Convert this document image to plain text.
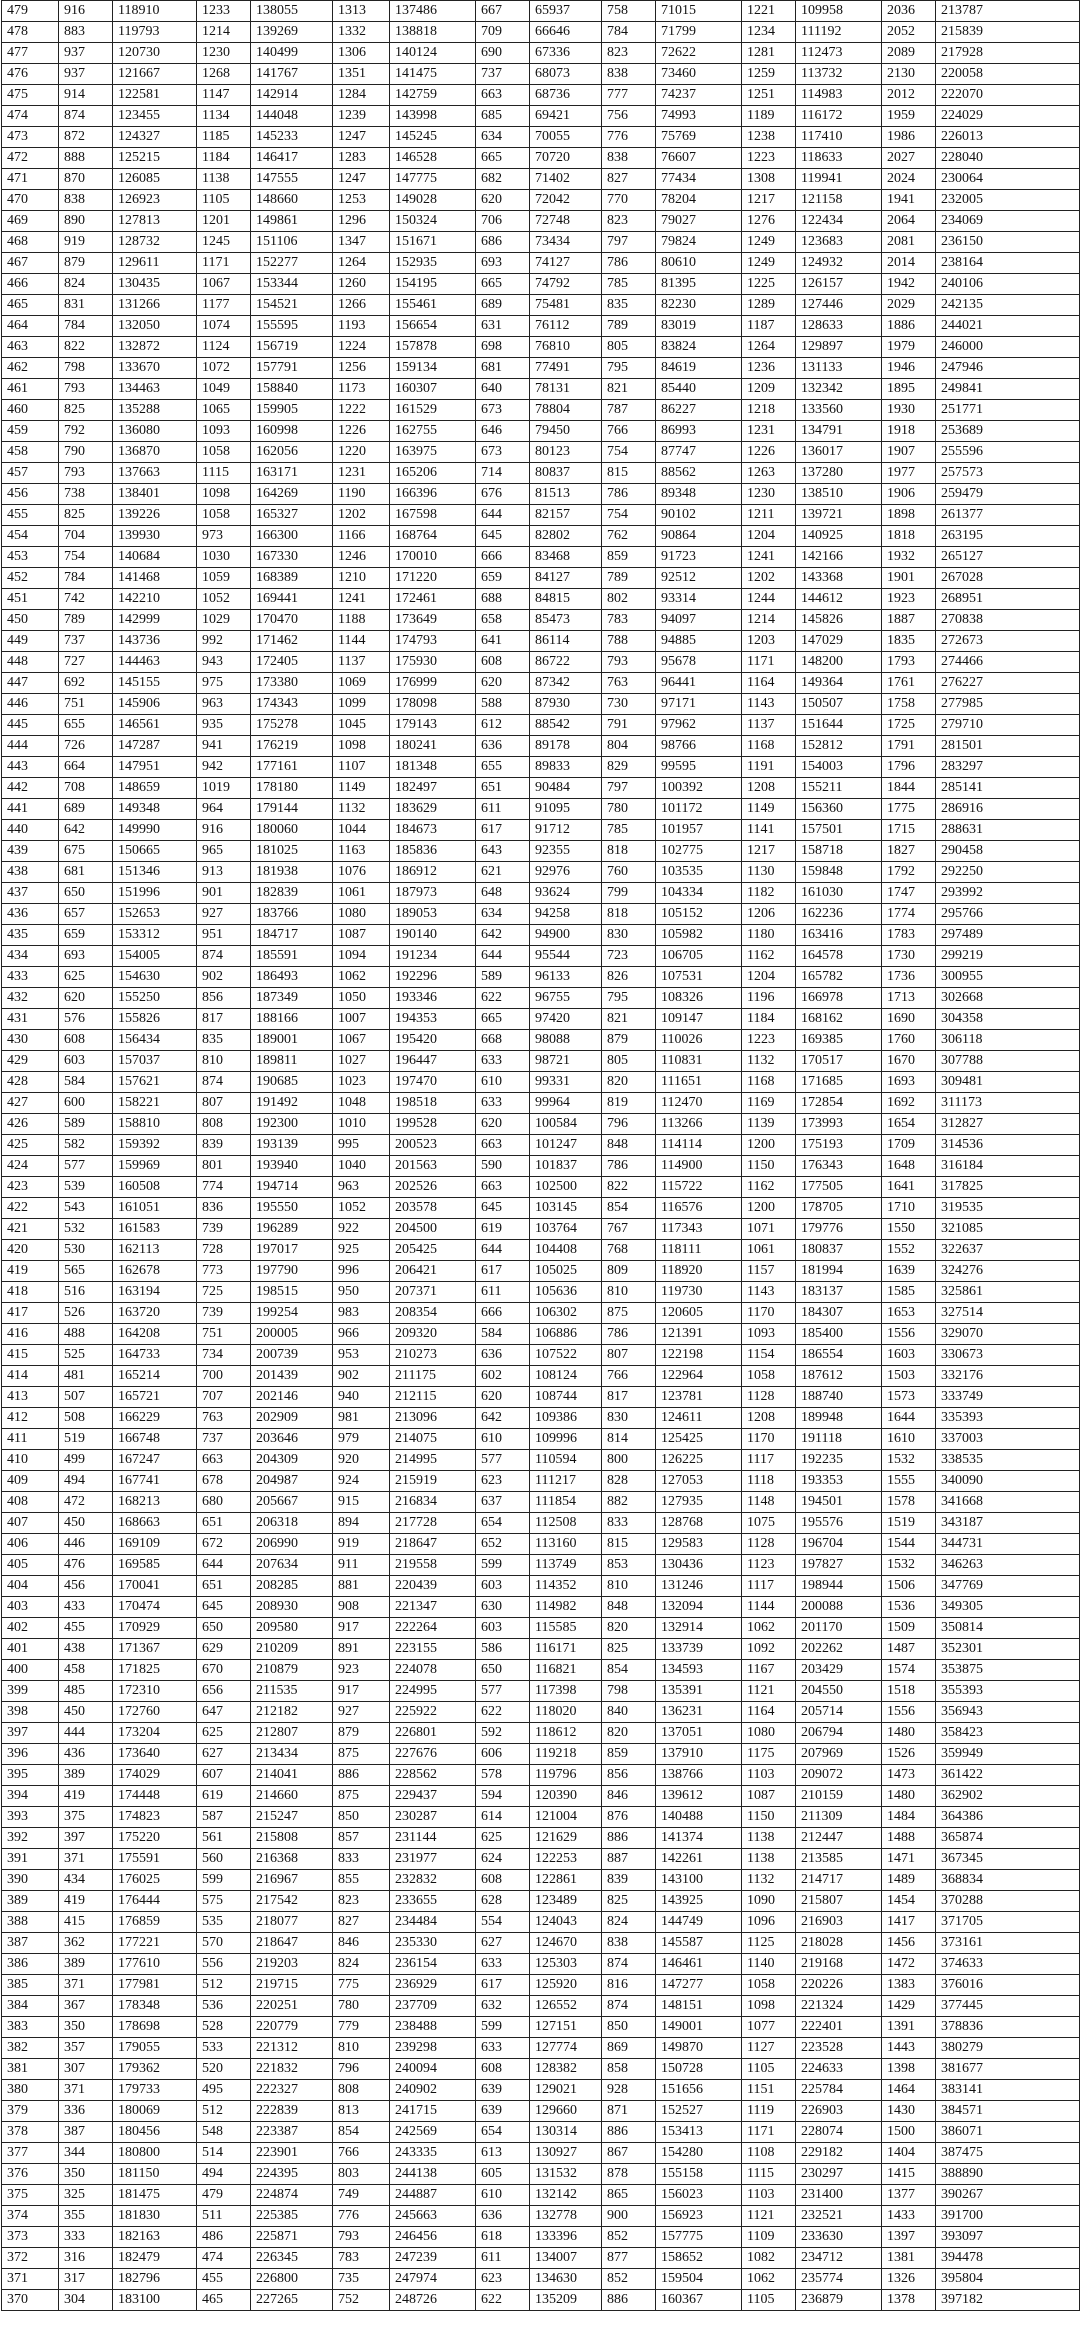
479	916	118910	1233	138055	1313	137486	667	65937	758	71015	1221	109958	2036	213787
478	883	119793	1214	139269	1332	138818	709	66646	784	71799	1234	111192	2052	215839
477	937	120730	1230	140499	1306	140124	690	67336	823	72622	1281	112473	2089	217928
476	937	121667	1268	141767	1351	141475	737	68073	838	73460	1259	113732	2130	220058
475	914	122581	1147	142914	1284	142759	663	68736	777	74237	1251	114983	2012	222070
474	874	123455	1134	144048	1239	143998	685	69421	756	74993	1189	116172	1959	224029
473	872	124327	1185	145233	1247	145245	634	70055	776	75769	1238	117410	1986	226013
472	888	125215	1184	146417	1283	146528	665	70720	838	76607	1223	118633	2027	228040
471	870	126085	1138	147555	1247	147775	682	71402	827	77434	1308	119941	2024	230064
470	838	126923	1105	148660	1253	149028	620	72042	770	78204	1217	121158	1941	232005
469	890	127813	1201	149861	1296	150324	706	72748	823	79027	1276	122434	2064	234069
468	919	128732	1245	151106	1347	151671	686	73434	797	79824	1249	123683	2081	236150
467	879	129611	1171	152277	1264	152935	693	74127	786	80610	1249	124932	2014	238164
466	824	130435	1067	153344	1260	154195	665	74792	785	81395	1225	126157	1942	240106
465	831	131266	1177	154521	1266	155461	689	75481	835	82230	1289	127446	2029	242135
464	784	132050	1074	155595	1193	156654	631	76112	789	83019	1187	128633	1886	244021
463	822	132872	1124	156719	1224	157878	698	76810	805	83824	1264	129897	1979	246000
462	798	133670	1072	157791	1256	159134	681	77491	795	84619	1236	131133	1946	247946
461	793	134463	1049	158840	1173	160307	640	78131	821	85440	1209	132342	1895	249841
460	825	135288	1065	159905	1222	161529	673	78804	787	86227	1218	133560	1930	251771
459	792	136080	1093	160998	1226	162755	646	79450	766	86993	1231	134791	1918	253689
458	790	136870	1058	162056	1220	163975	673	80123	754	87747	1226	136017	1907	255596
457	793	137663	1115	163171	1231	165206	714	80837	815	88562	1263	137280	1977	257573
456	738	138401	1098	164269	1190	166396	676	81513	786	89348	1230	138510	1906	259479
455	825	139226	1058	165327	1202	167598	644	82157	754	90102	1211	139721	1898	261377
454	704	139930	973	166300	1166	168764	645	82802	762	90864	1204	140925	1818	263195
453	754	140684	1030	167330	1246	170010	666	83468	859	91723	1241	142166	1932	265127
452	784	141468	1059	168389	1210	171220	659	84127	789	92512	1202	143368	1901	267028
451	742	142210	1052	169441	1241	172461	688	84815	802	93314	1244	144612	1923	268951
450	789	142999	1029	170470	1188	173649	658	85473	783	94097	1214	145826	1887	270838
449	737	143736	992	171462	1144	174793	641	86114	788	94885	1203	147029	1835	272673
448	727	144463	943	172405	1137	175930	608	86722	793	95678	1171	148200	1793	274466
447	692	145155	975	173380	1069	176999	620	87342	763	96441	1164	149364	1761	276227
446	751	145906	963	174343	1099	178098	588	87930	730	97171	1143	150507	1758	277985
445	655	146561	935	175278	1045	179143	612	88542	791	97962	1137	151644	1725	279710
444	726	147287	941	176219	1098	180241	636	89178	804	98766	1168	152812	1791	281501
443	664	147951	942	177161	1107	181348	655	89833	829	99595	1191	154003	1796	283297
442	708	148659	1019	178180	1149	182497	651	90484	797	100392	1208	155211	1844	285141
441	689	149348	964	179144	1132	183629	611	91095	780	101172	1149	156360	1775	286916
440	642	149990	916	180060	1044	184673	617	91712	785	101957	1141	157501	1715	288631
439	675	150665	965	181025	1163	185836	643	92355	818	102775	1217	158718	1827	290458
438	681	151346	913	181938	1076	186912	621	92976	760	103535	1130	159848	1792	292250
437	650	151996	901	182839	1061	187973	648	93624	799	104334	1182	161030	1747	293992
436	657	152653	927	183766	1080	189053	634	94258	818	105152	1206	162236	1774	295766
435	659	153312	951	184717	1087	190140	642	94900	830	105982	1180	163416	1783	297489
434	693	154005	874	185591	1094	191234	644	95544	723	106705	1162	164578	1730	299219
433	625	154630	902	186493	1062	192296	589	96133	826	107531	1204	165782	1736	300955
432	620	155250	856	187349	1050	193346	622	96755	795	108326	1196	166978	1713	302668
431	576	155826	817	188166	1007	194353	665	97420	821	109147	1184	168162	1690	304358
430	608	156434	835	189001	1067	195420	668	98088	879	110026	1223	169385	1760	306118
429	603	157037	810	189811	1027	196447	633	98721	805	110831	1132	170517	1670	307788
428	584	157621	874	190685	1023	197470	610	99331	820	111651	1168	171685	1693	309481
427	600	158221	807	191492	1048	198518	633	99964	819	112470	1169	172854	1692	311173
426	589	158810	808	192300	1010	199528	620	100584	796	113266	1139	173993	1654	312827
425	582	159392	839	193139	995	200523	663	101247	848	114114	1200	175193	1709	314536
424	577	159969	801	193940	1040	201563	590	101837	786	114900	1150	176343	1648	316184
423	539	160508	774	194714	963	202526	663	102500	822	115722	1162	177505	1641	317825
422	543	161051	836	195550	1052	203578	645	103145	854	116576	1200	178705	1710	319535
421	532	161583	739	196289	922	204500	619	103764	767	117343	1071	179776	1550	321085
420	530	162113	728	197017	925	205425	644	104408	768	118111	1061	180837	1552	322637
419	565	162678	773	197790	996	206421	617	105025	809	118920	1157	181994	1639	324276
418	516	163194	725	198515	950	207371	611	105636	810	119730	1143	183137	1585	325861
417	526	163720	739	199254	983	208354	666	106302	875	120605	1170	184307	1653	327514
416	488	164208	751	200005	966	209320	584	106886	786	121391	1093	185400	1556	329070
415	525	164733	734	200739	953	210273	636	107522	807	122198	1154	186554	1603	330673
414	481	165214	700	201439	902	211175	602	108124	766	122964	1058	187612	1503	332176
413	507	165721	707	202146	940	212115	620	108744	817	123781	1128	188740	1573	333749
412	508	166229	763	202909	981	213096	642	109386	830	124611	1208	189948	1644	335393
411	519	166748	737	203646	979	214075	610	109996	814	125425	1170	191118	1610	337003
410	499	167247	663	204309	920	214995	577	110594	800	126225	1117	192235	1532	338535
409	494	167741	678	204987	924	215919	623	111217	828	127053	1118	193353	1555	340090
408	472	168213	680	205667	915	216834	637	111854	882	127935	1148	194501	1578	341668
407	450	168663	651	206318	894	217728	654	112508	833	128768	1075	195576	1519	343187
406	446	169109	672	206990	919	218647	652	113160	815	129583	1128	196704	1544	344731
405	476	169585	644	207634	911	219558	599	113749	853	130436	1123	197827	1532	346263
404	456	170041	651	208285	881	220439	603	114352	810	131246	1117	198944	1506	347769
403	433	170474	645	208930	908	221347	630	114982	848	132094	1144	200088	1536	349305
402	455	170929	650	209580	917	222264	603	115585	820	132914	1062	201170	1509	350814
401	438	171367	629	210209	891	223155	586	116171	825	133739	1092	202262	1487	352301
400	458	171825	670	210879	923	224078	650	116821	854	134593	1167	203429	1574	353875
399	485	172310	656	211535	917	224995	577	117398	798	135391	1121	204550	1518	355393
398	450	172760	647	212182	927	225922	622	118020	840	136231	1164	205714	1556	356943
397	444	173204	625	212807	879	226801	592	118612	820	137051	1080	206794	1480	358423
396	436	173640	627	213434	875	227676	606	119218	859	137910	1175	207969	1526	359949
395	389	174029	607	214041	886	228562	578	119796	856	138766	1103	209072	1473	361422
394	419	174448	619	214660	875	229437	594	120390	846	139612	1087	210159	1480	362902
393	375	174823	587	215247	850	230287	614	121004	876	140488	1150	211309	1484	364386
392	397	175220	561	215808	857	231144	625	121629	886	141374	1138	212447	1488	365874
391	371	175591	560	216368	833	231977	624	122253	887	142261	1138	213585	1471	367345
390	434	176025	599	216967	855	232832	608	122861	839	143100	1132	214717	1489	368834
389	419	176444	575	217542	823	233655	628	123489	825	143925	1090	215807	1454	370288
388	415	176859	535	218077	827	234484	554	124043	824	144749	1096	216903	1417	371705
387	362	177221	570	218647	846	235330	627	124670	838	145587	1125	218028	1456	373161
386	389	177610	556	219203	824	236154	633	125303	874	146461	1140	219168	1472	374633
385	371	177981	512	219715	775	236929	617	125920	816	147277	1058	220226	1383	376016
384	367	178348	536	220251	780	237709	632	126552	874	148151	1098	221324	1429	377445
383	350	178698	528	220779	779	238488	599	127151	850	149001	1077	222401	1391	378836
382	357	179055	533	221312	810	239298	633	127774	869	149870	1127	223528	1443	380279
381	307	179362	520	221832	796	240094	608	128382	858	150728	1105	224633	1398	381677
380	371	179733	495	222327	808	240902	639	129021	928	151656	1151	225784	1464	383141
379	336	180069	512	222839	813	241715	639	129660	871	152527	1119	226903	1430	384571
378	387	180456	548	223387	854	242569	654	130314	886	153413	1171	228074	1500	386071
377	344	180800	514	223901	766	243335	613	130927	867	154280	1108	229182	1404	387475
376	350	181150	494	224395	803	244138	605	131532	878	155158	1115	230297	1415	388890
375	325	181475	479	224874	749	244887	610	132142	865	156023	1103	231400	1377	390267
374	355	181830	511	225385	776	245663	636	132778	900	156923	1121	232521	1433	391700
373	333	182163	486	225871	793	246456	618	133396	852	157775	1109	233630	1397	393097
372	316	182479	474	226345	783	247239	611	134007	877	158652	1082	234712	1381	394478
371	317	182796	455	226800	735	247974	623	134630	852	159504	1062	235774	1326	395804
370	304	183100	465	227265	752	248726	622	135209	886	160367	1105	236879	1378	397182
